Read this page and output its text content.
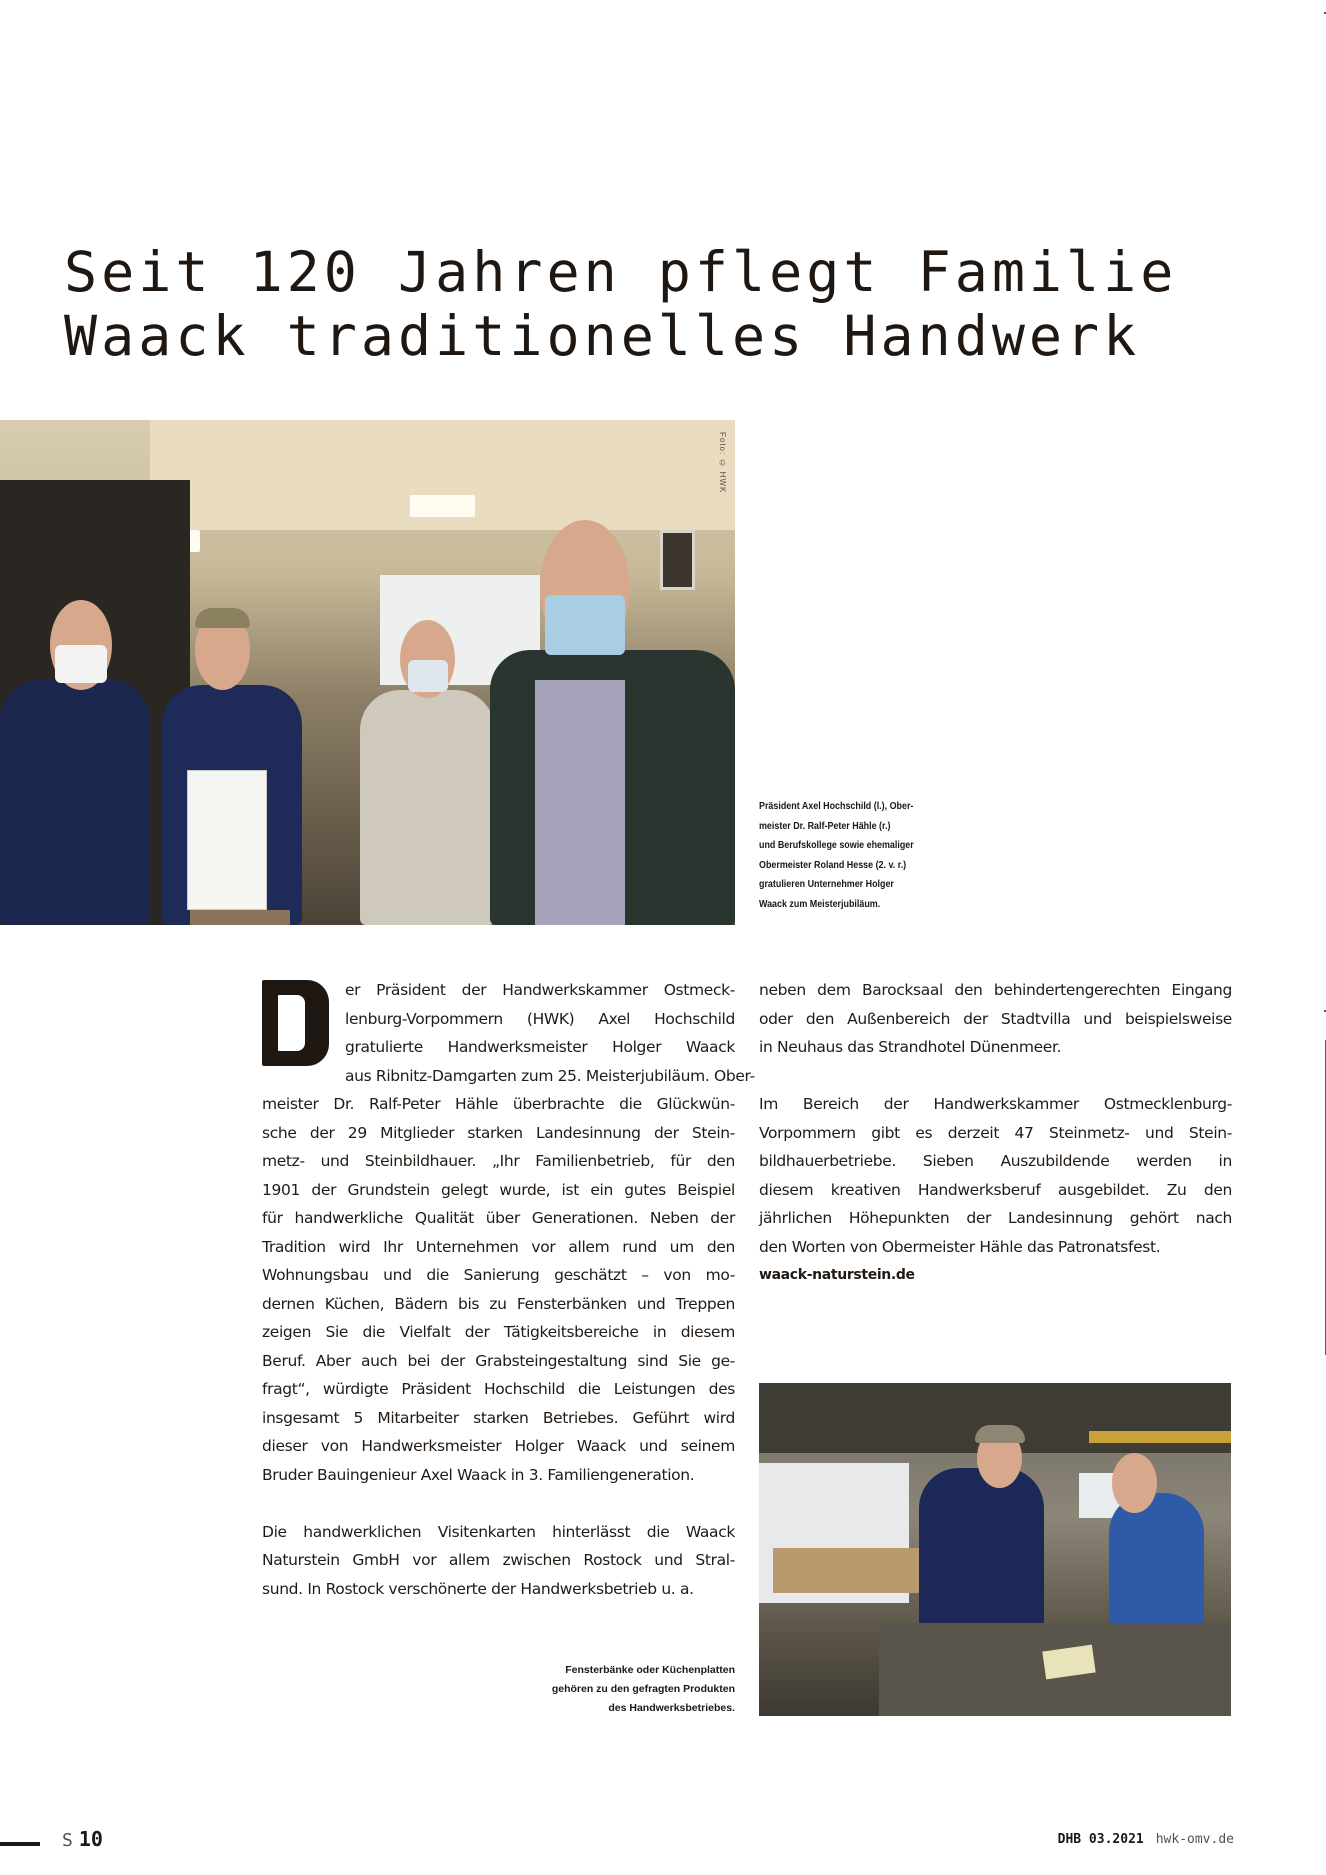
Seit 120 Jahren pflegt Familie
Waack traditionelles Handwerk
Foto: © HWK
Präsident Axel Hochschild (l.), Ober-
meister Dr. Ralf-Peter Hähle (r.)
und Berufskollege sowie ehemaliger
Obermeister Roland Hesse (2. v. r.)
gratulieren Unternehmer Holger
Waack zum Meisterjubiläum.

er Präsident der Handwerkskammer Ostmeck-
lenburg-Vorpommern (HWK) Axel Hochschild
gratulierte Handwerksmeister Holger Waack
aus Ribnitz-Damgarten zum 25. Meisterjubiläum. Ober-
meister Dr. Ralf-Peter Hähle überbrachte die Glückwün-
sche der 29 Mitglieder starken Landesinnung der Stein-
metz- und Steinbildhauer. „Ihr Familienbetrieb, für den
1901 der Grundstein gelegt wurde, ist ein gutes Beispiel
für handwerkliche Qualität über Generationen. Neben der
Tradition wird Ihr Unternehmen vor allem rund um den
Wohnungsbau und die Sanierung geschätzt – von mo-
dernen Küchen, Bädern bis zu Fensterbänken und Treppen
zeigen Sie die Vielfalt der Tätigkeitsbereiche in diesem
Beruf. Aber auch bei der Grabsteingestaltung sind Sie ge-
fragt“, würdigte Präsident Hochschild die Leistungen des
insgesamt 5 Mitarbeiter starken Betriebes. Geführt wird
dieser von Handwerksmeister Holger Waack und seinem
Bruder Bauingenieur Axel Waack in 3. Familiengeneration.

Die handwerklichen Visitenkarten hinterlässt die Waack
Naturstein GmbH vor allem zwischen Rostock und Stral-
sund. In Rostock verschönerte der Handwerksbetrieb u. a.

neben dem Barocksaal den behindertengerechten Eingang
oder den Außenbereich der Stadtvilla und beispielsweise
in Neuhaus das Strandhotel Dünenmeer.

Im Bereich der Handwerkskammer Ostmecklenburg-
Vorpommern gibt es derzeit 47 Steinmetz- und Stein-
bildhauerbetriebe. Sieben Auszubildende werden in
diesem kreativen Handwerksberuf ausgebildet. Zu den
jährlichen Höhepunkten der Landesinnung gehört nach
den Worten von Obermeister Hähle das Patronatsfest.
waack-naturstein.de

Fensterbänke oder Küchenplatten
gehören zu den gefragten Produkten
des Handwerksbetriebes.
S 10	DHB 03.2021 hwk-omv.de
